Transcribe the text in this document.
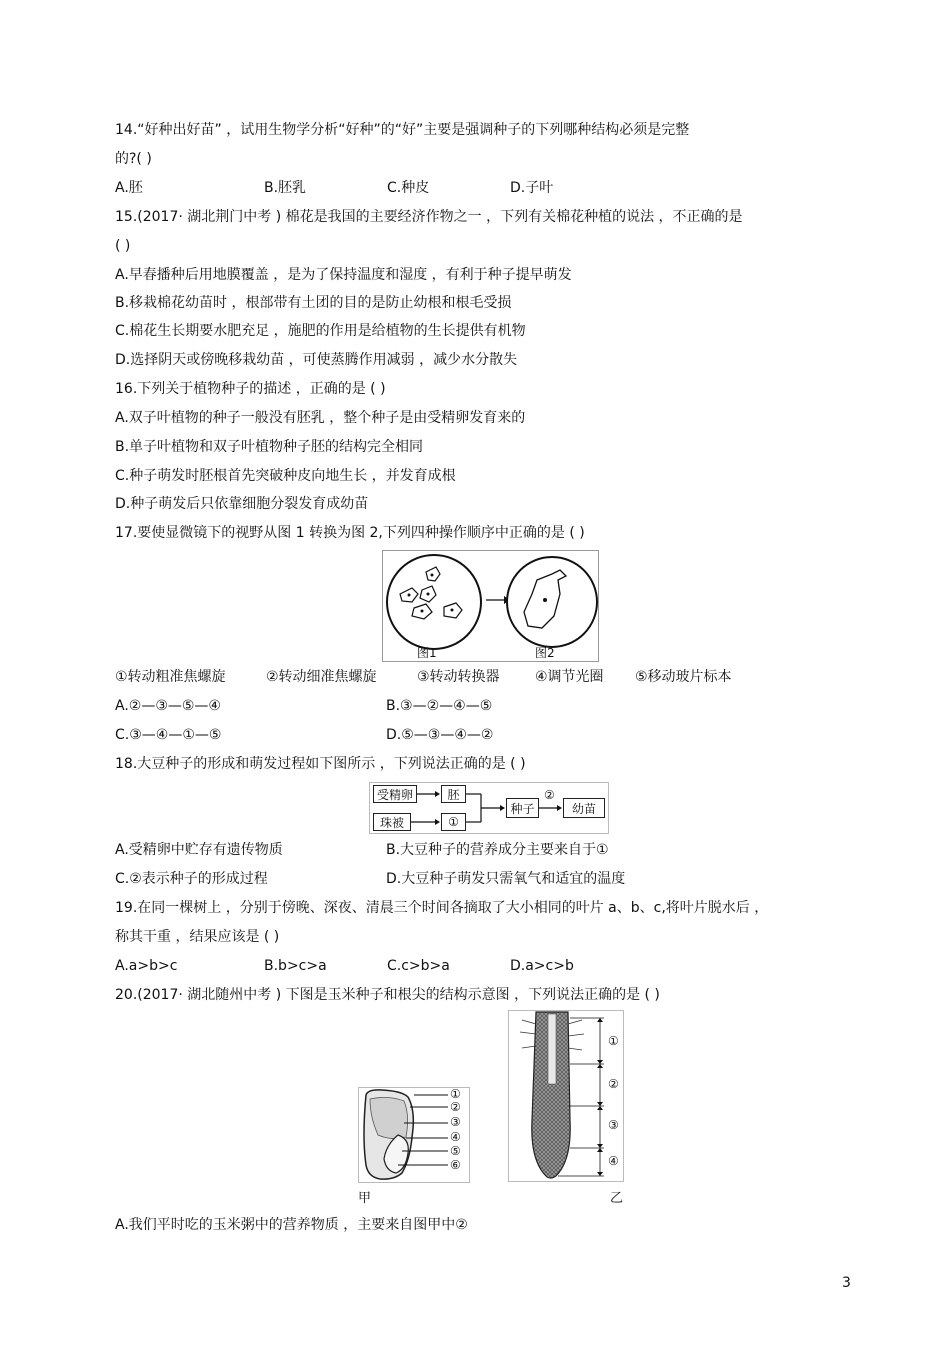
14.“好种出好苗” ，试用生物学分析“好种”的“好”主要是强调种子的下列哪种结构必须是完整
的?( )
A.胚	B.胚乳	C.种皮	D.子叶
15.(2017· 湖北荆门中考 ) 棉花是我国的主要经济作物之一 ，下列有关棉花种植的说法 ，不正确的是
( )
A.早春播种后用地膜覆盖 ，是为了保持温度和湿度 ，有利于种子提早萌发
B.移栽棉花幼苗时 ，根部带有土团的目的是防止幼根和根毛受损
C.棉花生长期要水肥充足 ，施肥的作用是给植物的生长提供有机物
D.选择阴天或傍晚移栽幼苗 ，可使蒸腾作用减弱 ，减少水分散失
16.下列关于植物种子的描述 ，正确的是 ( )
A.双子叶植物的种子一般没有胚乳 ，整个种子是由受精卵发育来的
B.单子叶植物和双子叶植物种子胚的结构完全相同
C.种子萌发时胚根首先突破种皮向地生长 ，并发育成根
D.种子萌发后只依靠细胞分裂发育成幼苗
17.要使显微镜下的视野从图 1 转换为图 2,下列四种操作顺序中正确的是 ( )
图1	图2
①转动粗准焦螺旋	②转动细准焦螺旋	③转动转换器	④调节光圈 ⑤移动玻片标本
A.②—③—⑤—④	B.③—②—④—⑤
C.③—④—①—⑤	D.⑤—③—④—②
18.大豆种子的形成和萌发过程如下图所示 ，下列说法正确的是 ( )
受精卵	胚
珠被	①
种子	幼苗
②
A.受精卵中贮存有遗传物质	B.大豆种子的营养成分主要来自于①
C.②表示种子的形成过程	D.大豆种子萌发只需氧气和适宜的温度
19.在同一棵树上 ，分别于傍晚、深夜、清晨三个时间各摘取了大小相同的叶片 a、b、c,将叶片脱水后 ，
称其干重 ，结果应该是 ( )
A.a>b>c	B.b>c>a	C.c>b>a	D.a>c>b
20.(2017· 湖北随州中考 ) 下图是玉米种子和根尖的结构示意图 ，下列说法正确的是 ( )
①
②
③
④
⑤
⑥
甲
①
②
③
④
乙
A.我们平时吃的玉米粥中的营养物质 ，主要来自图甲中②
3
